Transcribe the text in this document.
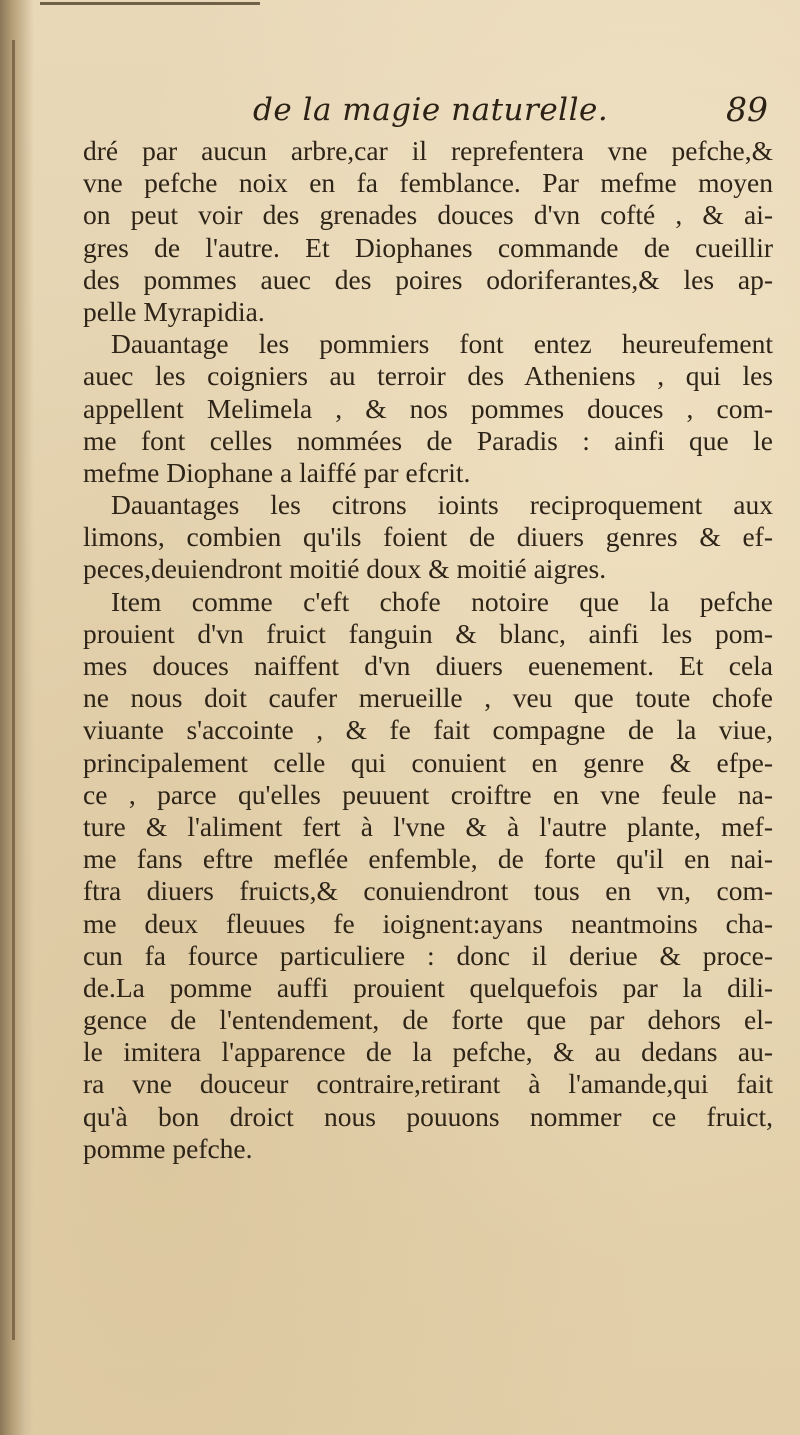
de la magie naturelle.	89
dré par aucun arbre,car il reprefentera vne pefche,&
vne pefche noix en fa femblance. Par mefme moyen
on peut voir des grenades douces d'vn cofté , & ai-
gres de l'autre. Et Diophanes commande de cueillir
des pommes auec des poires odoriferantes,& les ap-
pelle Myrapidia.
Dauantage les pommiers font entez heureufement
auec les coigniers au terroir des Atheniens , qui les
appellent Melimela , & nos pommes douces , com-
me font celles nommées de Paradis : ainfi que le
mefme Diophane a laiffé par efcrit.
Dauantages les citrons ioints reciproquement aux
limons, combien qu'ils foient de diuers genres & ef-
peces,deuiendront moitié doux & moitié aigres.
Item comme c'eft chofe notoire que la pefche
prouient d'vn fruict fanguin & blanc, ainfi les pom-
mes douces naiffent d'vn diuers euenement. Et cela
ne nous doit caufer merueille , veu que toute chofe
viuante s'accointe , & fe fait compagne de la viue,
principalement celle qui conuient en genre & efpe-
ce , parce qu'elles peuuent croiftre en vne feule na-
ture & l'aliment fert à l'vne & à l'autre plante, mef-
me fans eftre meflée enfemble, de forte qu'il en nai-
ftra diuers fruicts,& conuiendront tous en vn, com-
me deux fleuues fe ioignent:ayans neantmoins cha-
cun fa fource particuliere : donc il deriue & proce-
de.La pomme auffi prouient quelquefois par la dili-
gence de l'entendement, de forte que par dehors el-
le imitera l'apparence de la pefche, & au dedans au-
ra vne douceur contraire,retirant à l'amande,qui fait
qu'à bon droict nous pouuons nommer ce fruict,
pomme pefche.
